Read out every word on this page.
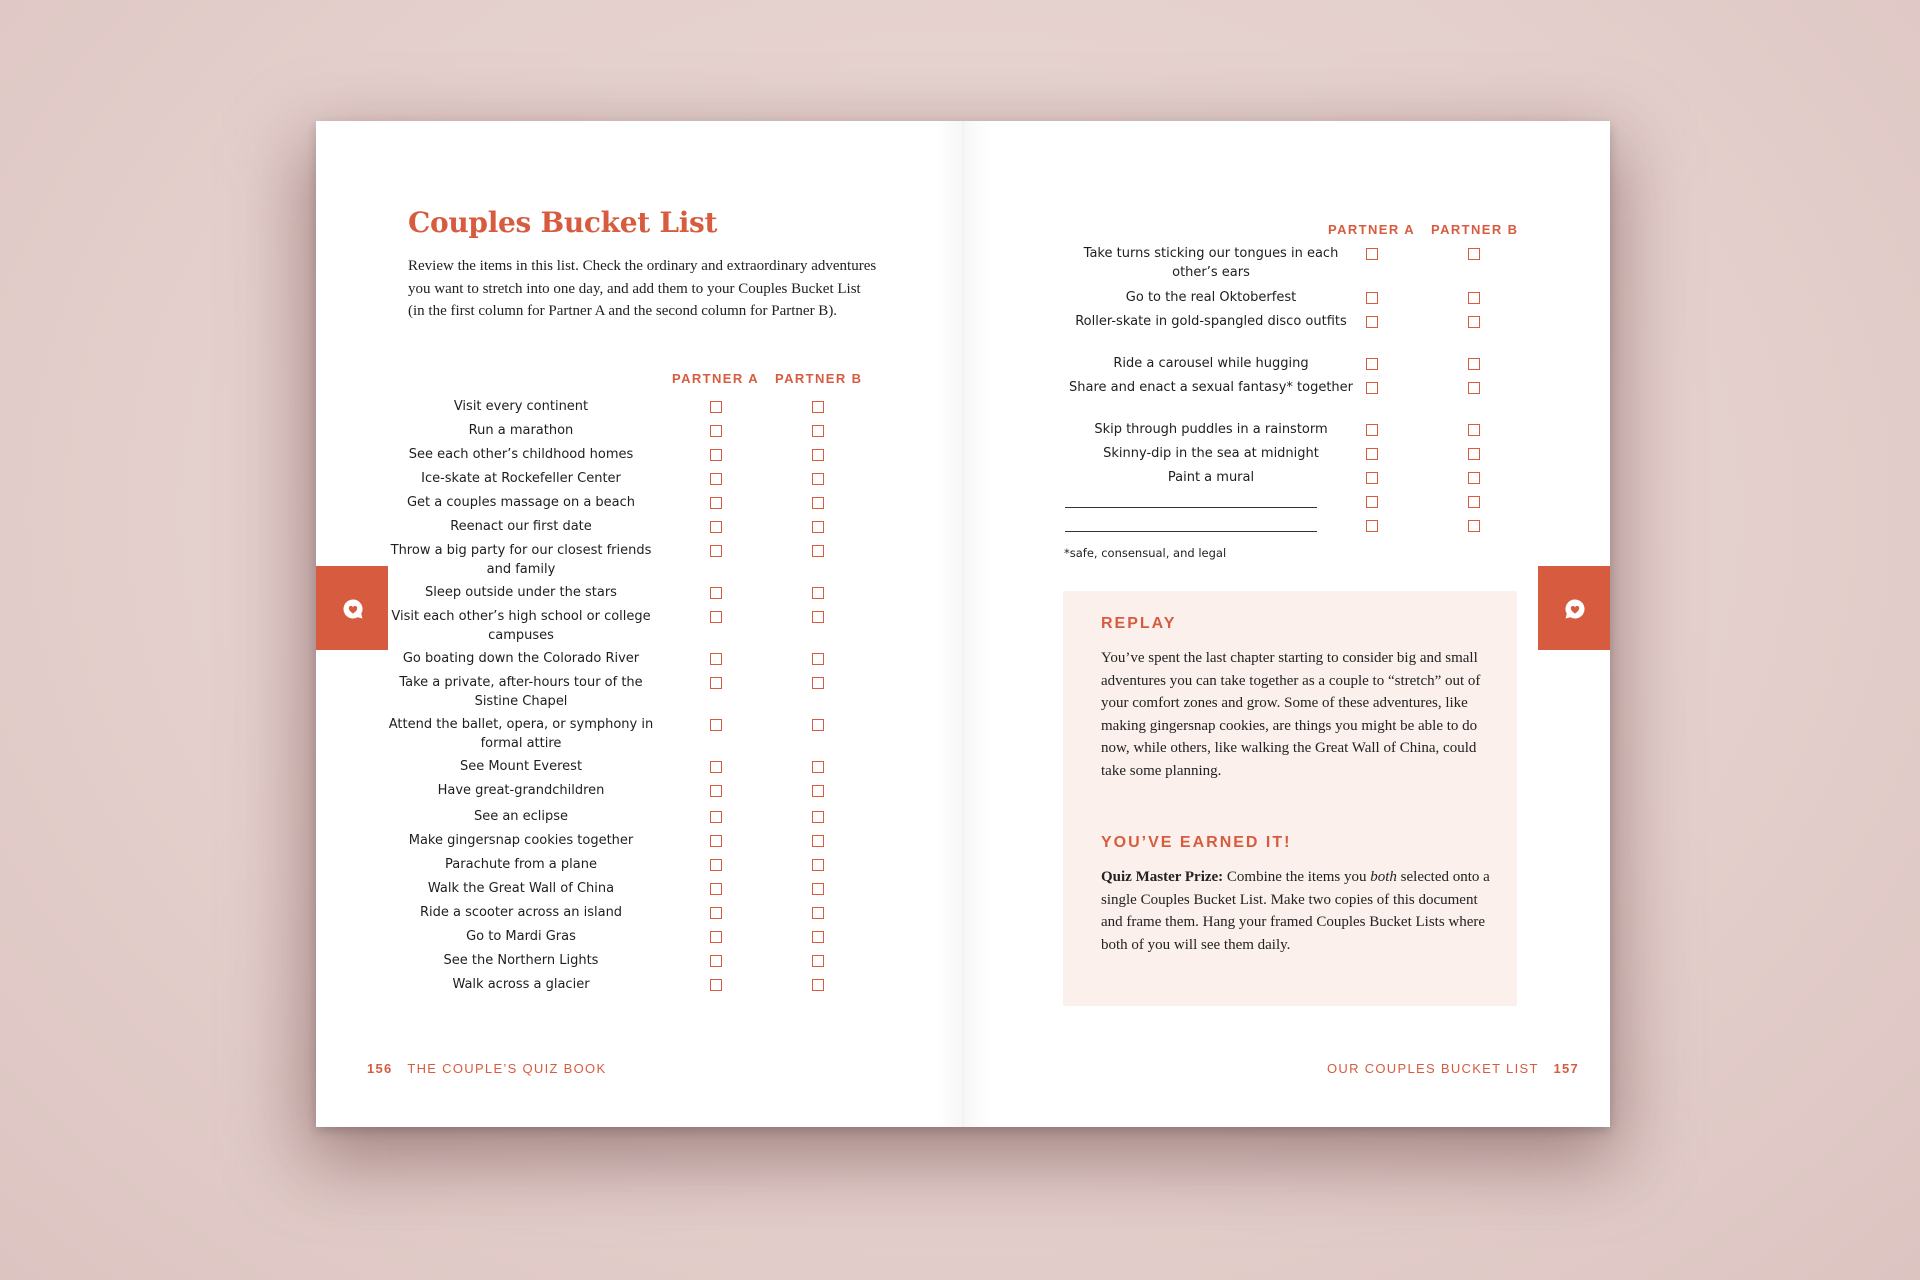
Couples Bucket List

Review the items in this list. Check the ordinary and extraordinary adventures you want to stretch into one day, and add them to your Couples Bucket List (in the first column for Partner A and the second column for Partner B).

PARTNER A PARTNER B
Visit every continent
Run a marathon
See each other’s childhood homes
Ice-skate at Rockefeller Center
Get a couples massage on a beach
Reenact our first date
Throw a big party for our closest friends and family
Sleep outside under the stars
Visit each other’s high school or college campuses
Go boating down the Colorado River
Take a private, after-hours tour of the Sistine Chapel
Attend the ballet, opera, or symphony in formal attire
See Mount Everest
Have great-grandchildren
See an eclipse
Make gingersnap cookies together
Parachute from a plane
Walk the Great Wall of China
Ride a scooter across an island
Go to Mardi Gras
See the Northern Lights
Walk across a glacier
156 THE COUPLE’S QUIZ BOOK
PARTNER A PARTNER B
Take turns sticking our tongues in each other’s ears
Go to the real Oktoberfest
Roller-skate in gold-spangled disco outfits
Ride a carousel while hugging
Share and enact a sexual fantasy* together
Skip through puddles in a rainstorm
Skinny-dip in the sea at midnight
Paint a mural
*safe, consensual, and legal
REPLAY

You’ve spent the last chapter starting to consider big and small adventures you can take together as a couple to “stretch” out of your comfort zones and grow. Some of these adventures, like making gingersnap cookies, are things you might be able to do now, while others, like walking the Great Wall of China, could take some planning.

YOU’VE EARNED IT!

Quiz Master Prize: Combine the items you both selected onto a single Couples Bucket List. Make two copies of this document and frame them. Hang your framed Couples Bucket Lists where both of you will see them daily.

OUR COUPLES BUCKET LIST 157
